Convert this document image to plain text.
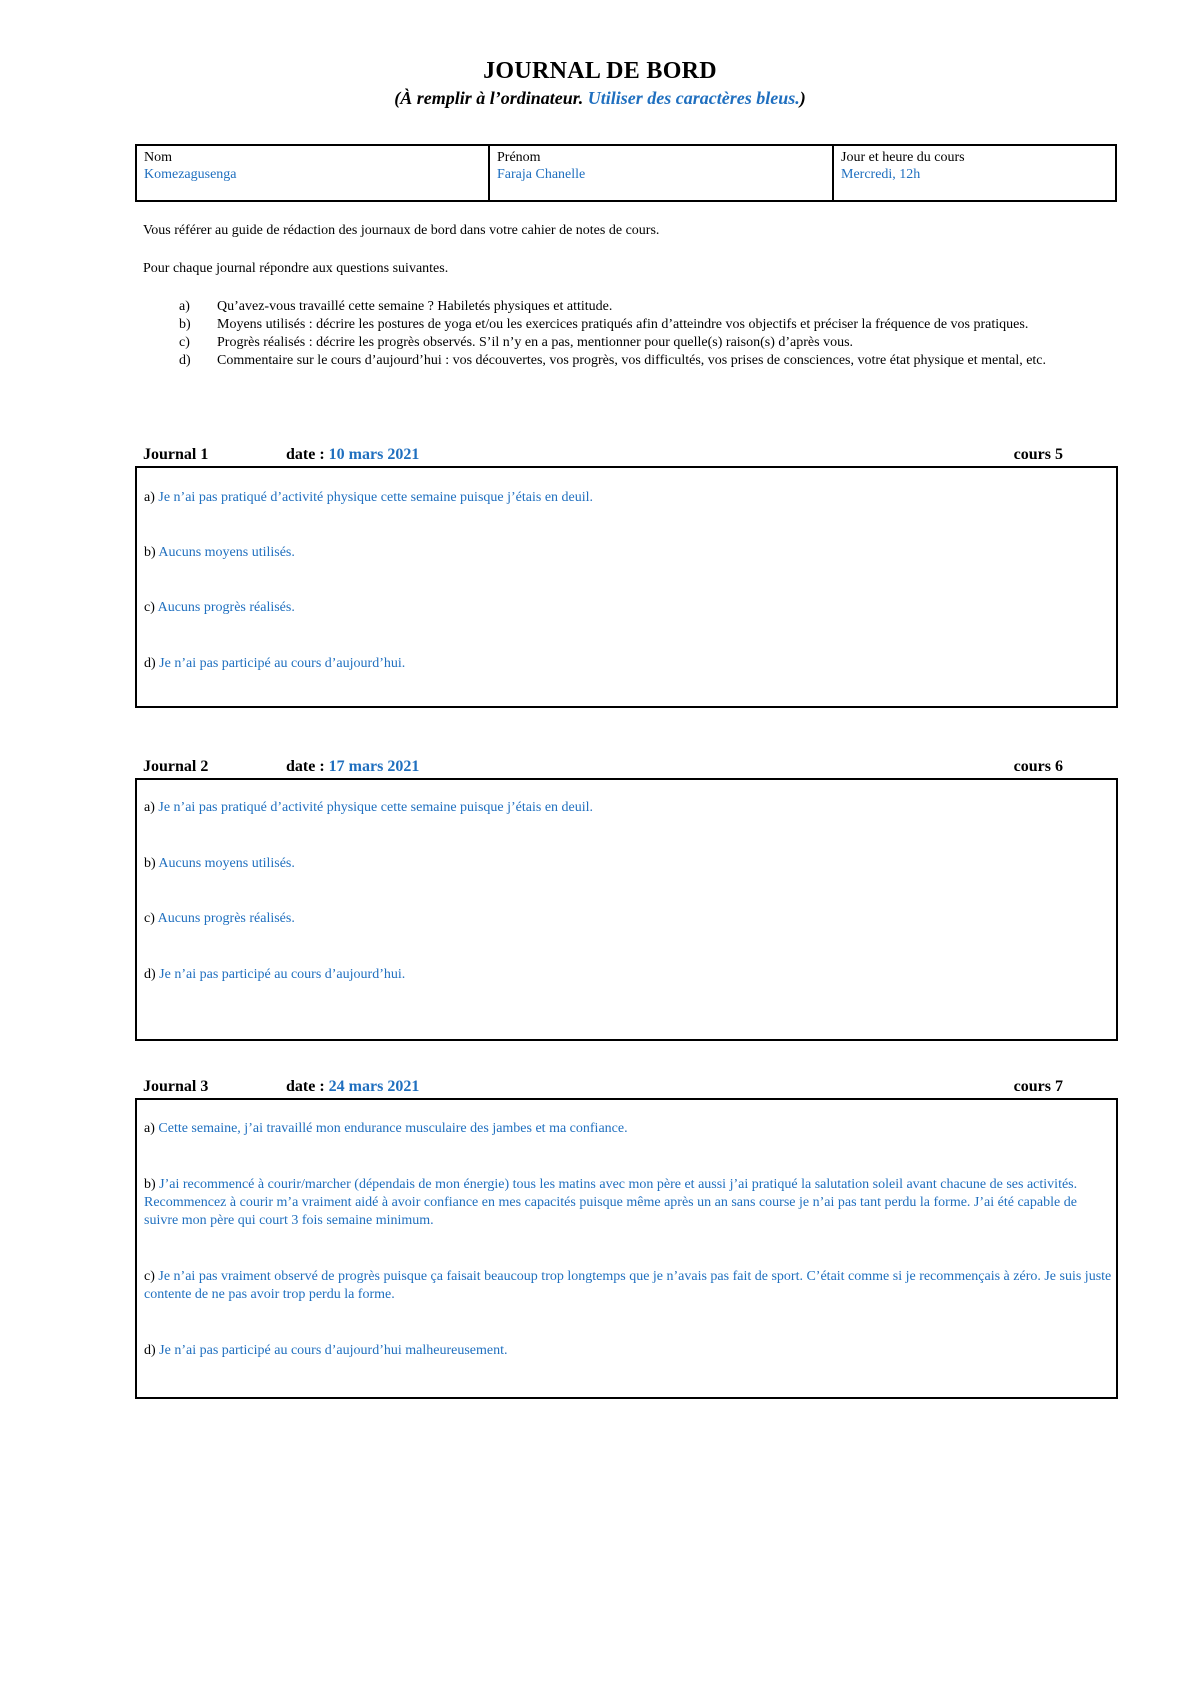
JOURNAL DE BORD
(À remplir à l’ordinateur. Utiliser des caractères bleus.)
Nom
Komezagusenga
Prénom
Faraja Chanelle
Jour et heure du cours
Mercredi, 12h
Vous référer au guide de rédaction des journaux de bord dans votre cahier de notes de cours.
Pour chaque journal répondre aux questions suivantes.
a)	Qu’avez-vous travaillé cette semaine ? Habiletés physiques et attitude.
b)	Moyens utilisés : décrire les postures de yoga et/ou les exercices pratiqués afin d’atteindre vos objectifs et préciser la fréquence de vos pratiques.
c)	Progrès réalisés : décrire les progrès observés. S’il n’y en a pas, mentionner pour quelle(s) raison(s) d’après vous.
d)	Commentaire sur le cours d’aujourd’hui : vos découvertes, vos progrès, vos difficultés, vos prises de consciences, votre état physique et mental, etc.
Journal 1	date : 10 mars 2021	cours 5
a) Je n’ai pas pratiqué d’activité physique cette semaine puisque j’étais en deuil.
b) Aucuns moyens utilisés.
c) Aucuns progrès réalisés.
d) Je n’ai pas participé au cours d’aujourd’hui.
Journal 2	date : 17 mars 2021	cours 6
a) Je n’ai pas pratiqué d’activité physique cette semaine puisque j’étais en deuil.
b) Aucuns moyens utilisés.
c) Aucuns progrès réalisés.
d) Je n’ai pas participé au cours d’aujourd’hui.
Journal 3	date : 24 mars 2021	cours 7
a) Cette semaine, j’ai travaillé mon endurance musculaire des jambes et ma confiance.
b) J’ai recommencé à courir/marcher (dépendais de mon énergie) tous les matins avec mon père et aussi j’ai pratiqué la salutation soleil avant chacune de ses activités. Recommencez à courir m’a vraiment aidé à avoir confiance en mes capacités puisque même après un an sans course je n’ai pas tant perdu la forme. J’ai été capable de suivre mon père qui court 3 fois semaine minimum.
c) Je n’ai pas vraiment observé de progrès puisque ça faisait beaucoup trop longtemps que je n’avais pas fait de sport. C’était comme si je recommençais à zéro. Je suis juste contente de ne pas avoir trop perdu la forme.
d) Je n’ai pas participé au cours d’aujourd’hui malheureusement.
